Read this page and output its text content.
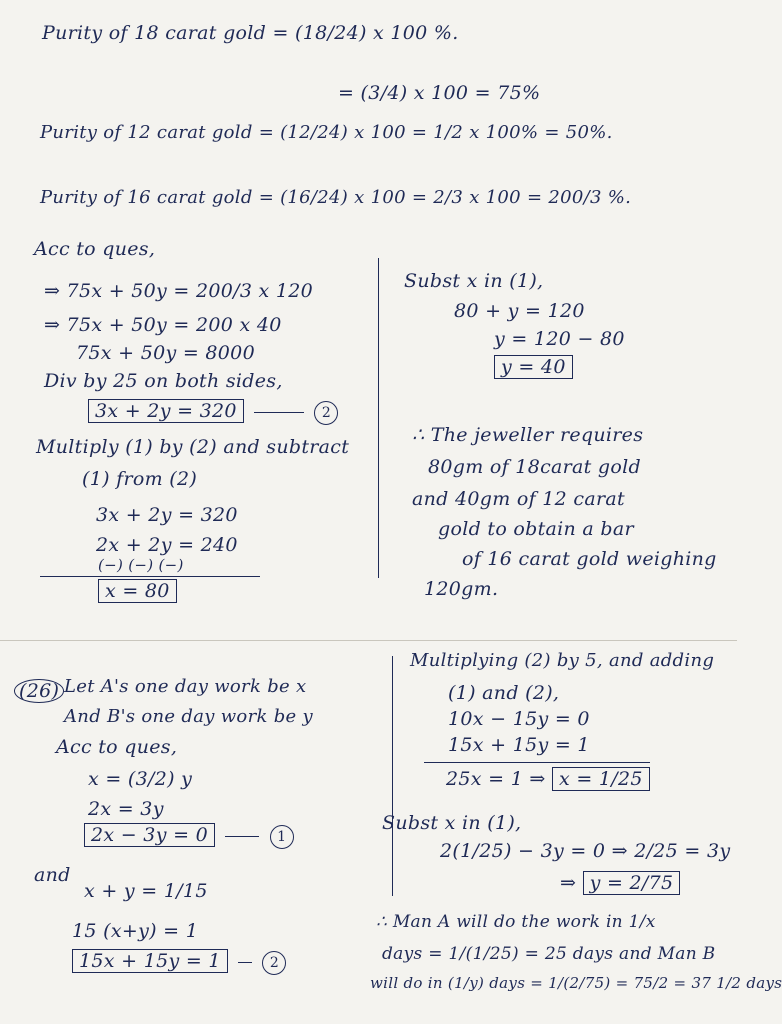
Purity of 18 carat gold = (18/24) x 100 %.
= (3/4) x 100 = 75%
Purity of 12 carat gold = (12/24) x 100 = 1/2 x 100% = 50%.
Purity of 16 carat gold = (16/24) x 100 = 2/3 x 100 = 200/3 %.
Acc to ques,
⇒ 75x + 50y = 200/3 x 120
⇒ 75x + 50y = 200 x 40
75x + 50y = 8000
Div by 25 on both sides,
3x + 2y = 320	2
Multiply (1) by (2) and subtract
(1) from (2)
3x + 2y = 320
2x + 2y = 240
(−) (−) (−)
x = 80
Subst x in (1),
80 + y = 120
y = 120 − 80
y = 40
∴ The jeweller requires
80gm of 18carat gold
and 40gm of 12 carat
gold to obtain a bar
of 16 carat gold weighing
120gm.
(26) Let A's one day work be x
And B's one day work be y
Acc to ques,
x = (3/2) y
2x = 3y
2x − 3y = 0	1
and
x + y = 1/15
15 (x+y) = 1
15x + 15y = 1	2
Multiplying (2) by 5, and adding
(1) and (2),
10x − 15y = 0
15x + 15y = 1
25x = 1 ⇒ x = 1/25
Subst x in (1),
2(1/25) − 3y = 0 ⇒ 2/25 = 3y
⇒ y = 2/75
∴ Man A will do the work in 1/x
days = 1/(1/25) = 25 days and Man B
will do in (1/y) days = 1/(2/75) = 75/2 = 37 1/2 days
